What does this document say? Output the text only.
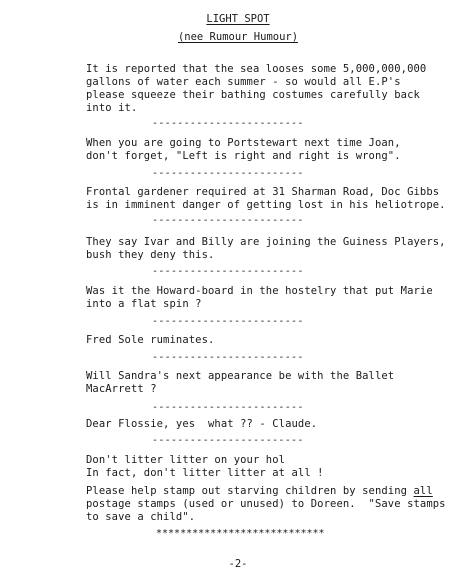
LIGHT SPOT
(nee Rumour Humour)
It is reported that the sea looses some 5,000,000,000
gallons of water each summer - so would all E.P's
please squeeze their bathing costumes carefully back
into it.
------------------------
When you are going to Portstewart next time Joan,
don't forget, "Left is right and right is wrong".
------------------------
Frontal gardener required at 31 Sharman Road, Doc Gibbs
is in imminent danger of getting lost in his heliotrope.
------------------------
They say Ivar and Billy are joining the Guiness Players,
bush they deny this.
------------------------
Was it the Howard-board in the hostelry that put Marie
into a flat spin ?
------------------------
Fred Sole ruminates.
------------------------
Will Sandra's next appearance be with the Ballet
MacArrett ?
------------------------
Dear Flossie, yes  what ?? - Claude.
------------------------
Don't litter litter on your hol
In fact, don't litter litter at all !
Please help stamp out starving children by sending all
postage stamps (used or unused) to Doreen.  "Save stamps
to save a child".
****************************
-2-
